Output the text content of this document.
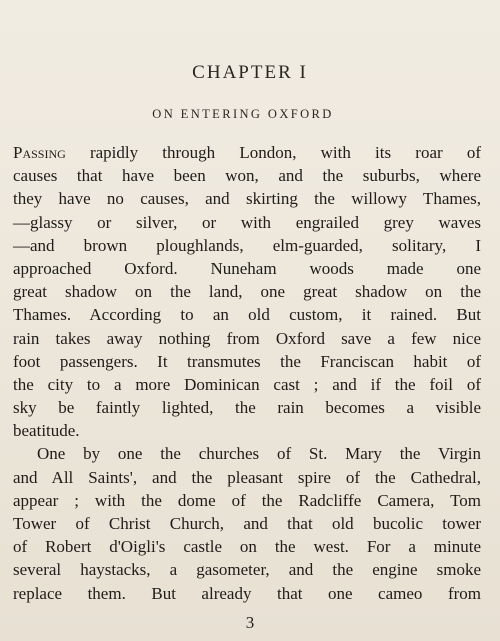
CHAPTER I
ON ENTERING OXFORD
Passing rapidly through London, with its roar of
causes that have been won, and the suburbs, where
they have no causes, and skirting the willowy Thames,
—glassy or silver, or with engrailed grey waves
—and brown ploughlands, elm-guarded, solitary, I
approached Oxford. Nuneham woods made one
great shadow on the land, one great shadow on the
Thames. According to an old custom, it rained. But
rain takes away nothing from Oxford save a few nice
foot passengers. It transmutes the Franciscan habit of
the city to a more Dominican cast ; and if the foil of
sky be faintly lighted, the rain becomes a visible
beatitude.
One by one the churches of St. Mary the Virgin
and All Saints', and the pleasant spire of the Cathedral,
appear ; with the dome of the Radcliffe Camera, Tom
Tower of Christ Church, and that old bucolic tower
of Robert d'Oigli's castle on the west. For a minute
several haystacks, a gasometer, and the engine smoke
replace them. But already that one cameo from
3
